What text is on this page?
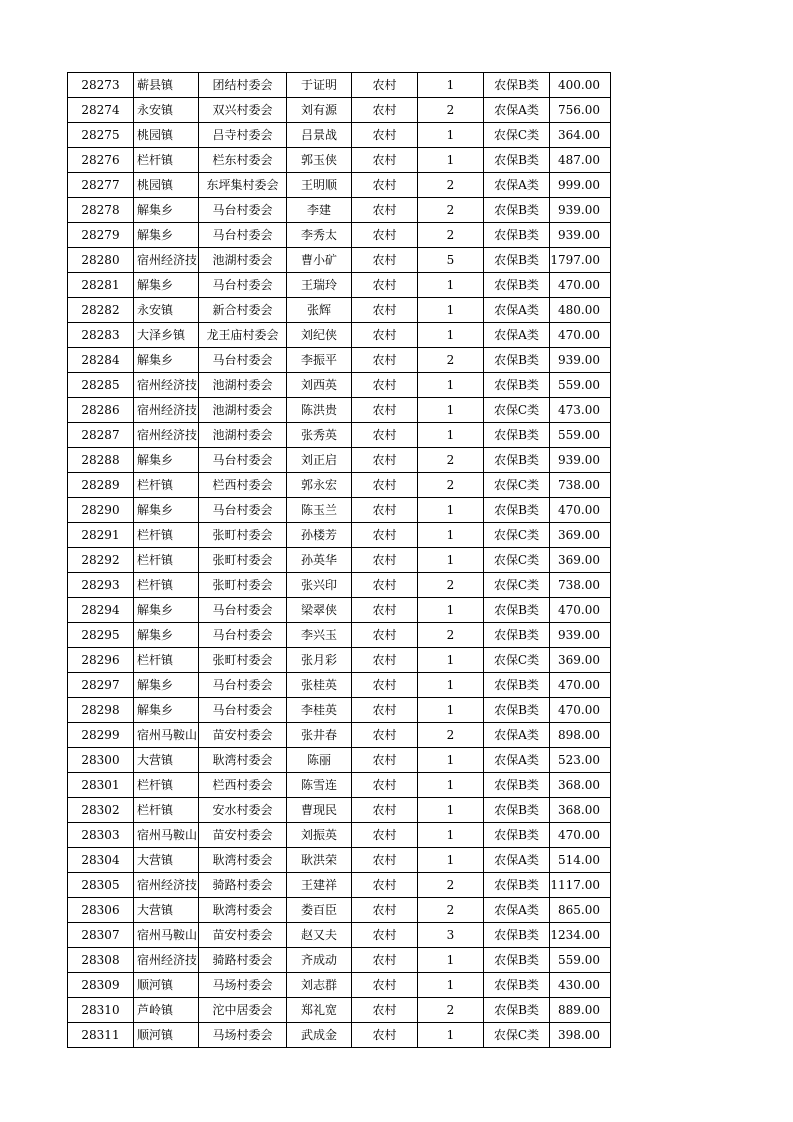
28273	蕲县镇	团结村委会	于证明	农村	1	农保B类	400.00
28274	永安镇	双兴村委会	刘有源	农村	2	农保A类	756.00
28275	桃园镇	吕寺村委会	吕景战	农村	1	农保C类	364.00
28276	栏杆镇	栏东村委会	郭玉侠	农村	1	农保B类	487.00
28277	桃园镇	东坪集村委会	王明顺	农村	2	农保A类	999.00
28278	解集乡	马台村委会	李建	农村	2	农保B类	939.00
28279	解集乡	马台村委会	李秀太	农村	2	农保B类	939.00
28280	宿州经济技	池湖村委会	曹小矿	农村	5	农保B类	1797.00
28281	解集乡	马台村委会	王瑞玲	农村	1	农保B类	470.00
28282	永安镇	新合村委会	张辉	农村	1	农保A类	480.00
28283	大泽乡镇	龙王庙村委会	刘纪侠	农村	1	农保A类	470.00
28284	解集乡	马台村委会	李振平	农村	2	农保B类	939.00
28285	宿州经济技	池湖村委会	刘西英	农村	1	农保B类	559.00
28286	宿州经济技	池湖村委会	陈洪贵	农村	1	农保C类	473.00
28287	宿州经济技	池湖村委会	张秀英	农村	1	农保B类	559.00
28288	解集乡	马台村委会	刘正启	农村	2	农保B类	939.00
28289	栏杆镇	栏西村委会	郭永宏	农村	2	农保C类	738.00
28290	解集乡	马台村委会	陈玉兰	农村	1	农保B类	470.00
28291	栏杆镇	张町村委会	孙楼芳	农村	1	农保C类	369.00
28292	栏杆镇	张町村委会	孙英华	农村	1	农保C类	369.00
28293	栏杆镇	张町村委会	张兴印	农村	2	农保C类	738.00
28294	解集乡	马台村委会	梁翠侠	农村	1	农保B类	470.00
28295	解集乡	马台村委会	李兴玉	农村	2	农保B类	939.00
28296	栏杆镇	张町村委会	张月彩	农村	1	农保C类	369.00
28297	解集乡	马台村委会	张桂英	农村	1	农保B类	470.00
28298	解集乡	马台村委会	李桂英	农村	1	农保B类	470.00
28299	宿州马鞍山	苗安村委会	张井春	农村	2	农保A类	898.00
28300	大营镇	耿湾村委会	陈丽	农村	1	农保A类	523.00
28301	栏杆镇	栏西村委会	陈雪连	农村	1	农保B类	368.00
28302	栏杆镇	安水村委会	曹现民	农村	1	农保B类	368.00
28303	宿州马鞍山	苗安村委会	刘振英	农村	1	农保B类	470.00
28304	大营镇	耿湾村委会	耿洪荣	农村	1	农保A类	514.00
28305	宿州经济技	骑路村委会	王建祥	农村	2	农保B类	1117.00
28306	大营镇	耿湾村委会	娄百臣	农村	2	农保A类	865.00
28307	宿州马鞍山	苗安村委会	赵又夫	农村	3	农保B类	1234.00
28308	宿州经济技	骑路村委会	齐成动	农村	1	农保B类	559.00
28309	顺河镇	马场村委会	刘志群	农村	1	农保B类	430.00
28310	芦岭镇	沱中居委会	郑礼宽	农村	2	农保B类	889.00
28311	顺河镇	马场村委会	武成金	农村	1	农保C类	398.00
